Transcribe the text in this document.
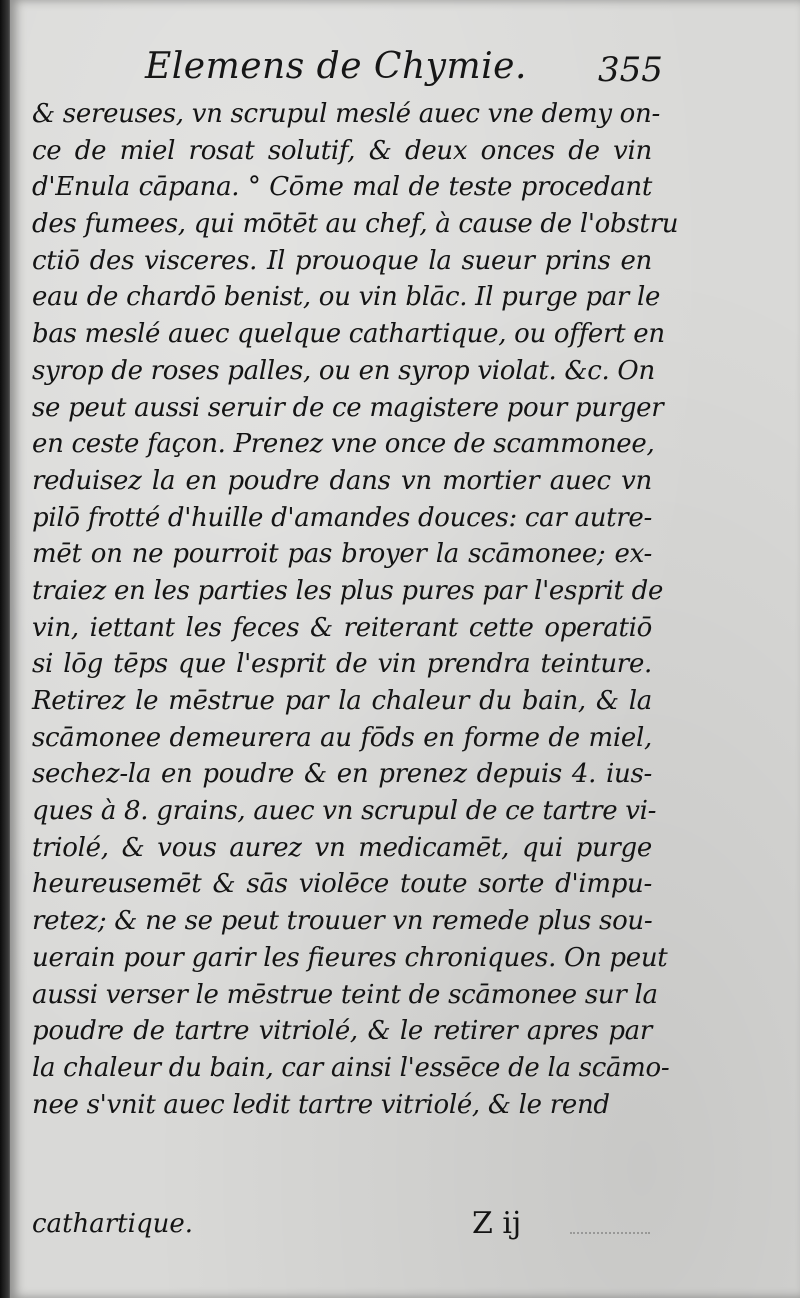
Elemens de Chymie. 355
& sereuses, vn scrupul meslé auec vne demy on-
ce de miel rosat solutif, & deux onces de vin
d'Enula cāpana. ° Cōme mal de teste procedant
des fumees, qui mōtēt au chef, à cause de l'obstru
ctiō des visceres. Il prouoque la sueur prins en
eau de chardō benist, ou vin blāc. Il purge par le
bas meslé auec quelque cathartique, ou offert en
syrop de roses palles, ou en syrop violat. &c. On
se peut aussi seruir de ce magistere pour purger
en ceste façon. Prenez vne once de scammonee,
reduisez la en poudre dans vn mortier auec vn
pilō frotté d'huille d'amandes douces: car autre-
mēt on ne pourroit pas broyer la scāmonee; ex-
traiez en les parties les plus pures par l'esprit de
vin, iettant les feces & reiterant cette operatiō
si lōg tēps que l'esprit de vin prendra teinture.
Retirez le mēstrue par la chaleur du bain, & la
scāmonee demeurera au fōds en forme de miel,
sechez-la en poudre & en prenez depuis 4. ius-
ques à 8. grains, auec vn scrupul de ce tartre vi-
triolé, & vous aurez vn medicamēt, qui purge
heureusemēt & sās violēce toute sorte d'impu-
retez; & ne se peut trouuer vn remede plus sou-
uerain pour garir les fieures chroniques. On peut
aussi verser le mēstrue teint de scāmonee sur la
poudre de tartre vitriolé, & le retirer apres par
la chaleur du bain, car ainsi l'essēce de la scāmo-
nee s'vnit auec ledit tartre vitriolé, & le rend
cathartique.	Z ij
